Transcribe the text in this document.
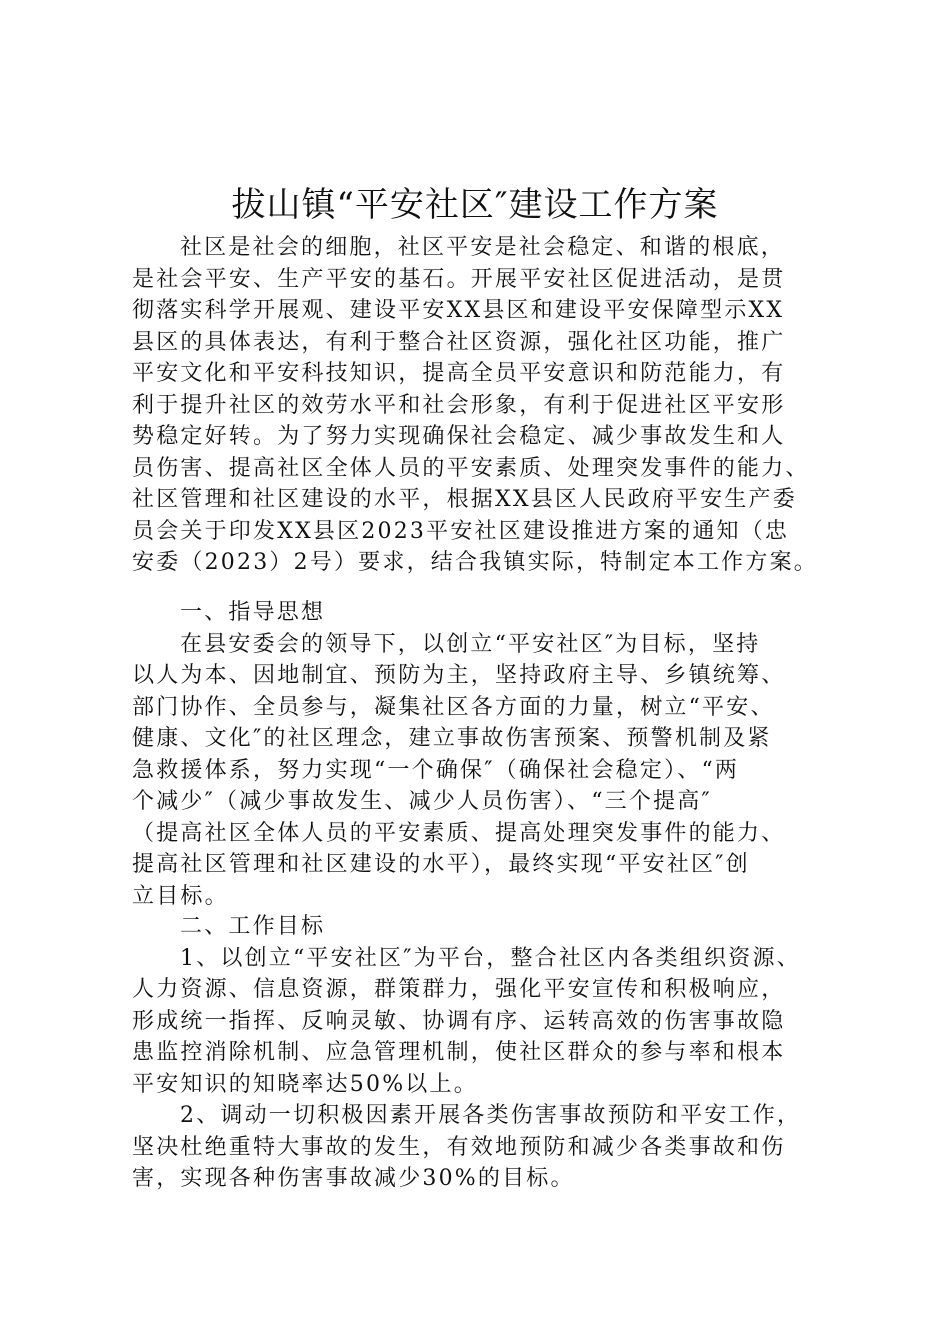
拔山镇“平安社区″建设工作方案
社区是社会的细胞，社区平安是社会稳定、和谐的根底，
是社会平安、生产平安的基石。开展平安社区促进活动，是贯
彻落实科学开展观、建设平安XX县区和建设平安保障型示XX
县区的具体表达，有利于整合社区资源，强化社区功能，推广
平安文化和平安科技知识，提高全员平安意识和防范能力，有
利于提升社区的效劳水平和社会形象，有利于促进社区平安形
势稳定好转。为了努力实现确保社会稳定、减少事故发生和人
员伤害、提高社区全体人员的平安素质、处理突发事件的能力、
社区管理和社区建设的水平，根据XX县区人民政府平安生产委
员会关于印发XX县区2023平安社区建设推进方案的通知（忠
安委（2023）2号）要求，结合我镇实际，特制定本工作方案。
一、指导思想
在县安委会的领导下，以创立“平安社区″为目标，坚持
以人为本、因地制宜、预防为主，坚持政府主导、乡镇统筹、
部门协作、全员参与，凝集社区各方面的力量，树立“平安、
健康、文化″的社区理念，建立事故伤害预案、预警机制及紧
急救援体系，努力实现“一个确保″（确保社会稳定）、“两
个减少″（减少事故发生、减少人员伤害）、“三个提高″
（提高社区全体人员的平安素质、提高处理突发事件的能力、
提高社区管理和社区建设的水平），最终实现“平安社区″创
立目标。
二、工作目标
1、以创立“平安社区″为平台，整合社区内各类组织资源、
人力资源、信息资源，群策群力，强化平安宣传和积极响应，
形成统一指挥、反响灵敏、协调有序、运转高效的伤害事故隐
患监控消除机制、应急管理机制，使社区群众的参与率和根本
平安知识的知晓率达50%以上。
2、调动一切积极因素开展各类伤害事故预防和平安工作，
坚决杜绝重特大事故的发生，有效地预防和减少各类事故和伤
害，实现各种伤害事故减少30%的目标。
